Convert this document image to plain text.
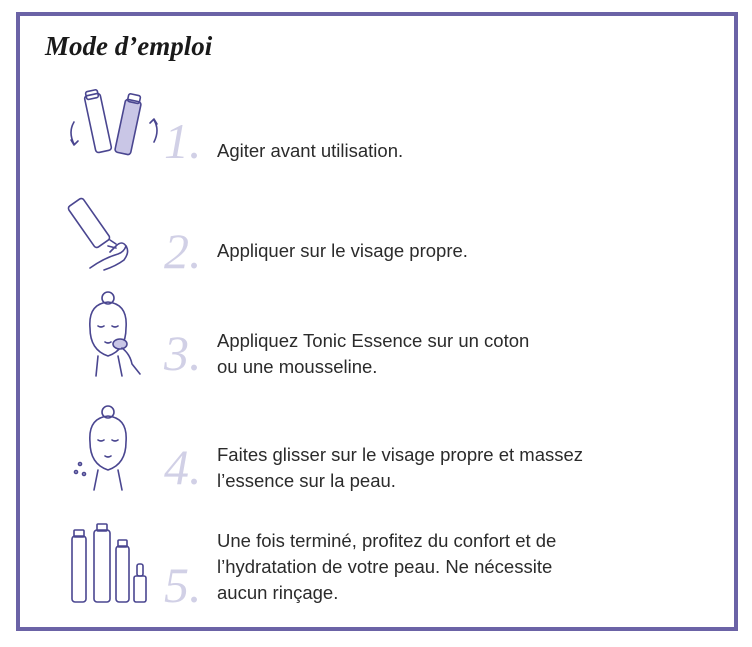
Mode d’emploi
1. Agiter avant utilisation.
2. Appliquer sur le visage propre.
3. Appliquez Tonic Essence sur un coton
ou une mousseline.
4. Faites glisser sur le visage propre et massez
l’essence sur la peau.
5.
Une fois terminé, profitez du confort et de
l’hydratation de votre peau. Ne nécessite
aucun rinçage.
